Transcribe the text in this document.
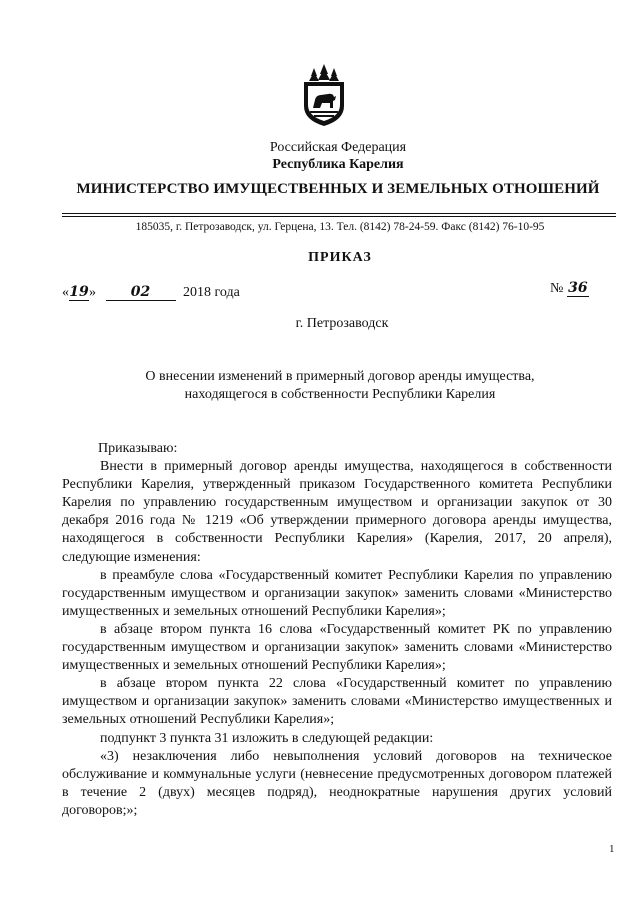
Российская Федерация
Республика Карелия
МИНИСТЕРСТВО ИМУЩЕСТВЕННЫХ И ЗЕМЕЛЬНЫХ ОТНОШЕНИЙ
185035, г. Петрозаводск, ул. Герцена, 13. Тел. (8142) 78-24-59. Факс (8142) 76-10-95
ПРИКАЗ
«19» 02 2018 года	№ 36
г. Петрозаводск
О внесении изменений в примерный договор аренды имущества,
находящегося в собственности Республики Карелия

Приказываю:

Внести в примерный договор аренды имущества, находящегося в собственности Республики Карелия, утвержденный приказом Государственного комитета Республики Карелия по управлению государственным имуществом и организации закупок от 30 декабря 2016 года № 1219 «Об утверждении примерного договора аренды имущества, находящегося в собственности Республики Карелия» (Карелия, 2017, 20 апреля), следующие изменения:

в преамбуле слова «Государственный комитет Республики Карелия по управлению государственным имуществом и организации закупок» заменить словами «Министерство имущественных и земельных отношений Республики Карелия»;

в абзаце втором пункта 16 слова «Государственный комитет РК по управлению государственным имуществом и организации закупок» заменить словами «Министерство имущественных и земельных отношений Республики Карелия»;

в абзаце втором пункта 22 слова «Государственный комитет по управлению имуществом и организации закупок» заменить словами «Министерство имущественных и земельных отношений Республики Карелия»;

подпункт 3 пункта 31 изложить в следующей редакции:

«3) незаключения либо невыполнения условий договоров на техническое обслуживание и коммунальные услуги (невнесение предусмотренных договором платежей в течение 2 (двух) месяцев подряд), неоднократные нарушения других условий договоров;»;

1
